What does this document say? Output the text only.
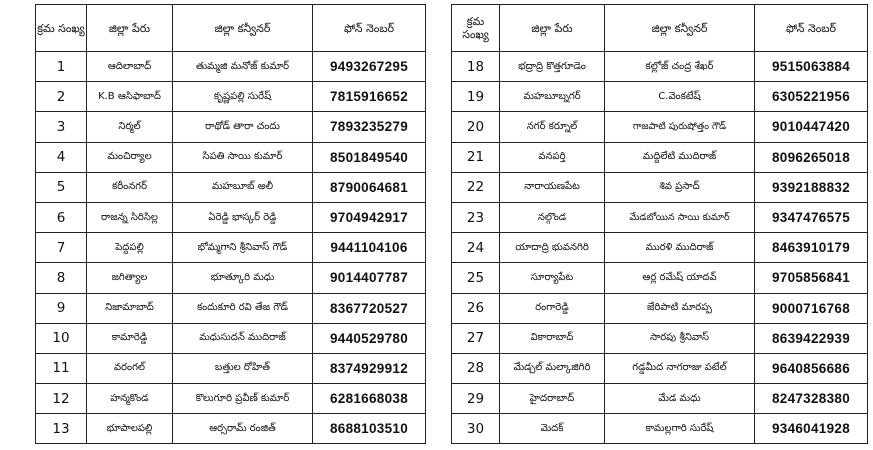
క్రమ సంఖ్య	జిల్లా పేరు	జిల్లా కన్వీనర్	ఫోన్ నెంబర్
1	ఆదిలాబాద్	తుమ్మజి మనోజ్ కుమార్	9493267295
2	K.B ఆసిఫాబాద్	కృష్ణపల్లి సురేష్	7815916652
3	నిర్మల్	రాథోడ్ తారా చందు	7893235279
4	మంచిర్యాల	సిపతి సాయి కుమార్	8501849540
5	కరీంనగర్	మహబూబ్ అలీ	8790064681
6	రాజన్న సిరిసిల్ల	ఏరెడ్డి భాస్కర్ రెడ్డి	9704942917
7	పెద్దపల్లి	భోమ్మగాని శ్రీనివాస్ గౌడ్	9441104106
8	జగిత్యాల	భూత్కూరి మధు	9014407787
9	నిజామాబాద్	కందుకూరి రవి తేజ గౌడ్	8367720527
10	కామారెడ్డి	మధుసుదన్ ముదిరాజ్	9440529780
11	వరంగల్	బత్తుల రోహిత్	8374929912
12	హన్మకొండ	కొలుగూరి ప్రవీణ్ కుమార్	6281668038
13	భూపాలపల్లి	ఆర్సరామ్ రంజిత్	8688103510
క్రమ సంఖ్య	జిల్లా పేరు	జిల్లా కన్వీనర్	ఫోన్ నెంబర్
18	భద్రాద్రి కొత్తగూడెం	కల్లోజ్ చంద్ర శేఖర్	9515063884
19	మహబూబ్నగర్	C.వెంకటేష్	6305221956
20	నగర్ కర్నూల్	గాజపాటి పురుషోత్తం గౌడ్	9010447420
21	వనపర్తి	మద్దిలేటి ముదిరాజ్	8096265018
22	నారాయణపేట	శివ ప్రసాద్	9392188832
23	నల్గొండ	మేడబోయిన సాయి కుమార్	9347476575
24	యాదాద్రి భువనగిరి	మురళి ముదిరాజ్	8463910179
25	సూర్యాపేట	ఆర్ల రమేష్ యాదవ్	9705856841
26	రంగారెడ్డి	జేరిపాటి మారప్ప	9000716768
27	వికారాబాద్	సారపు శ్రీనివాస్	8639422939
28	మేడ్చల్ మల్కాజిగిరి	గడ్డమీద నాగరాజు పటేల్	9640856686
29	హైదరాబాద్	మేడ మధు	8247328380
30	మెదక్	కామల్లగారి సురేష్	9346041928
